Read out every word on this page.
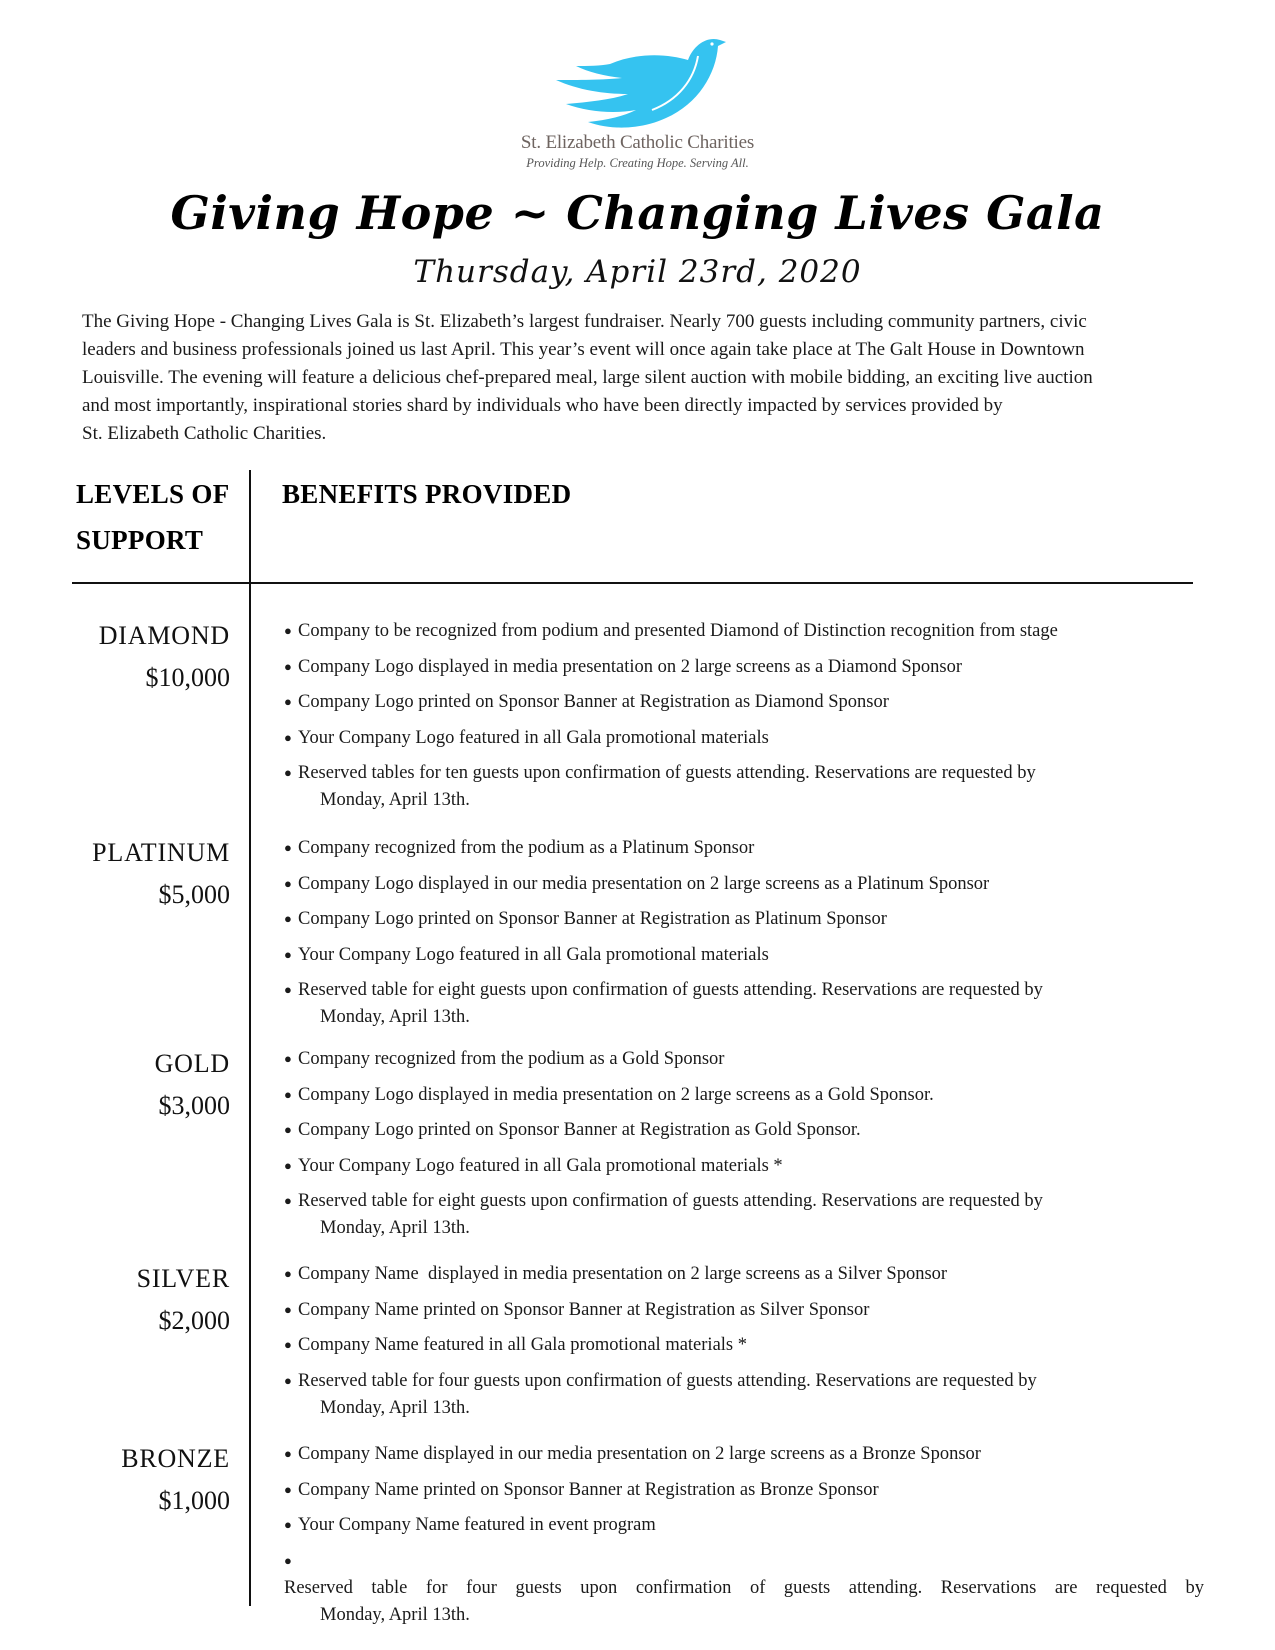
St. Elizabeth Catholic Charities
Providing Help. Creating Hope. Serving All.
Giving Hope ~ Changing Lives Gala
Thursday, April 23rd, 2020

The Giving Hope - Changing Lives Gala is St. Elizabeth’s largest fundraiser. Nearly 700 guests including community partners, civic

leaders and business professionals joined us last April. This year’s event will once again take place at The Galt House in Downtown

Louisville. The evening will feature a delicious chef-prepared meal, large silent auction with mobile bidding, an exciting live auction

and most importantly, inspirational stories shard by individuals who have been directly impacted by services provided by

St. Elizabeth Catholic Charities.

LEVELS OF
SUPPORT
BENEFITS PROVIDED
DIAMOND
$10,000
● Company to be recognized from podium and presented Diamond of Distinction recognition from stage
● Company Logo displayed in media presentation on 2 large screens as a Diamond Sponsor
● Company Logo printed on Sponsor Banner at Registration as Diamond Sponsor
● Your Company Logo featured in all Gala promotional materials
● Reserved tables for ten guests upon confirmation of guests attending. Reservations are requested by
Monday, April 13th.
PLATINUM
$5,000
● Company recognized from the podium as a Platinum Sponsor
● Company Logo displayed in our media presentation on 2 large screens as a Platinum Sponsor
● Company Logo printed on Sponsor Banner at Registration as Platinum Sponsor
● Your Company Logo featured in all Gala promotional materials
● Reserved table for eight guests upon confirmation of guests attending. Reservations are requested by
Monday, April 13th.
GOLD
$3,000
● Company recognized from the podium as a Gold Sponsor
● Company Logo displayed in media presentation on 2 large screens as a Gold Sponsor.
● Company Logo printed on Sponsor Banner at Registration as Gold Sponsor.
● Your Company Logo featured in all Gala promotional materials *
● Reserved table for eight guests upon confirmation of guests attending. Reservations are requested by
Monday, April 13th.
SILVER
$2,000
● Company Name  displayed in media presentation on 2 large screens as a Silver Sponsor
● Company Name printed on Sponsor Banner at Registration as Silver Sponsor
● Company Name featured in all Gala promotional materials *
● Reserved table for four guests upon confirmation of guests attending. Reservations are requested by
Monday, April 13th.
BRONZE
$1,000
● Company Name displayed in our media presentation on 2 large screens as a Bronze Sponsor
● Company Name printed on Sponsor Banner at Registration as Bronze Sponsor
● Your Company Name featured in event program
●
Reserved table for four guests upon confirmation of guests attending. Reservations are requested by
Monday, April 13th.
